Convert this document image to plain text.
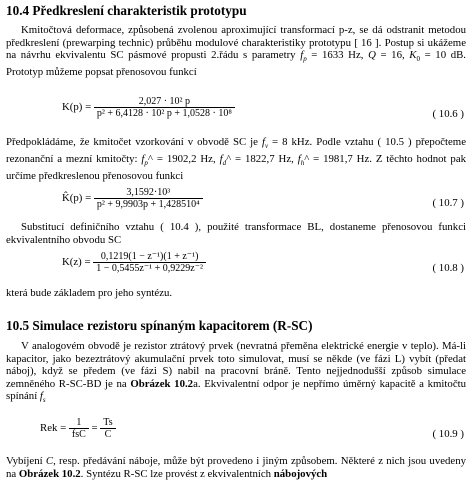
10.4 Předkreslení charakteristik prototypu
Kmitočtová deformace, způsobená zvolenou aproximující transformací p-z, se dá odstranit metodou předkreslení (prewarping technic) průběhu modulové charakteristiky prototypu [ 16 ]. Postup si ukážeme na návrhu ekvivalentu SC pásmové propusti 2.řádu s parametry $f_p = 1633$ Hz, Q = 16, $K_0 = 10$ dB. Prototyp můžeme popsat přenosovou funkcí
$K(p) = \frac{\text{2,027 · 10² p}}{\text{p² + 6,4128 · 10² p + 1,0528 · 10⁸}}$	( 10.6 )
Předpokládáme, že kmitočet vzorkování v obvodě SC je $f_v = 8$ kHz. Podle vztahu ( 10.5 ) přepočteme rezonanční a mezní kmitočty: $f_p\^{} = 1902,2$ Hz, $f_d\^{} = 1822,7$ Hz, $f_h\^{} = 1981,7$ Hz. Z těchto hodnot pak určíme předkreslenou přenosovou funkci
K̂(p) = $\frac{\text{3,1592·10³}}{\text{p² + 9,9903p + 1,428510⁴}}$	( 10.7 )
Substitucí definičního vztahu ( 10.4 ), použité transformace BL, dostaneme přenosovou funkci ekvivalentního obvodu SC
$K(z) = \frac{\text{0,1219(1 − z⁻¹)(1 + z⁻¹)}}{\text{1 − 0,5455z⁻¹ + 0,9229z⁻²}}$	( 10.8 )
která bude základem pro jeho syntézu.
10.5 Simulace rezistoru spínaným kapacitorem (R-SC)
V analogovém obvodě je rezistor ztrátový prvek (nevratná přeměna elektrické energie v teplo). Má-li kapacitor, jako bezeztrátový akumulační prvek toto simulovat, musí se někde (ve fázi L) vybít (předat náboj), když se předem (ve fázi S) nabil na pracovní bráně. Tento nejjednodušší způsob simulace zemněného R-SC-BD je na Obrázek 10.2a. Ekvivalentní odpor je nepřímo úměrný kapacitě a kmitočtu spínání $f_s$
Rek = $\frac{1}{\text{fsC}} = \frac{Ts}{C}$	( 10.9 )
Vybíjení C, resp. předávání náboje, může být provedeno i jiným způsobem. Některé z nich jsou uvedeny na Obrázek 10.2. Syntézu R-SC lze provést z ekvivalentních nábojových
